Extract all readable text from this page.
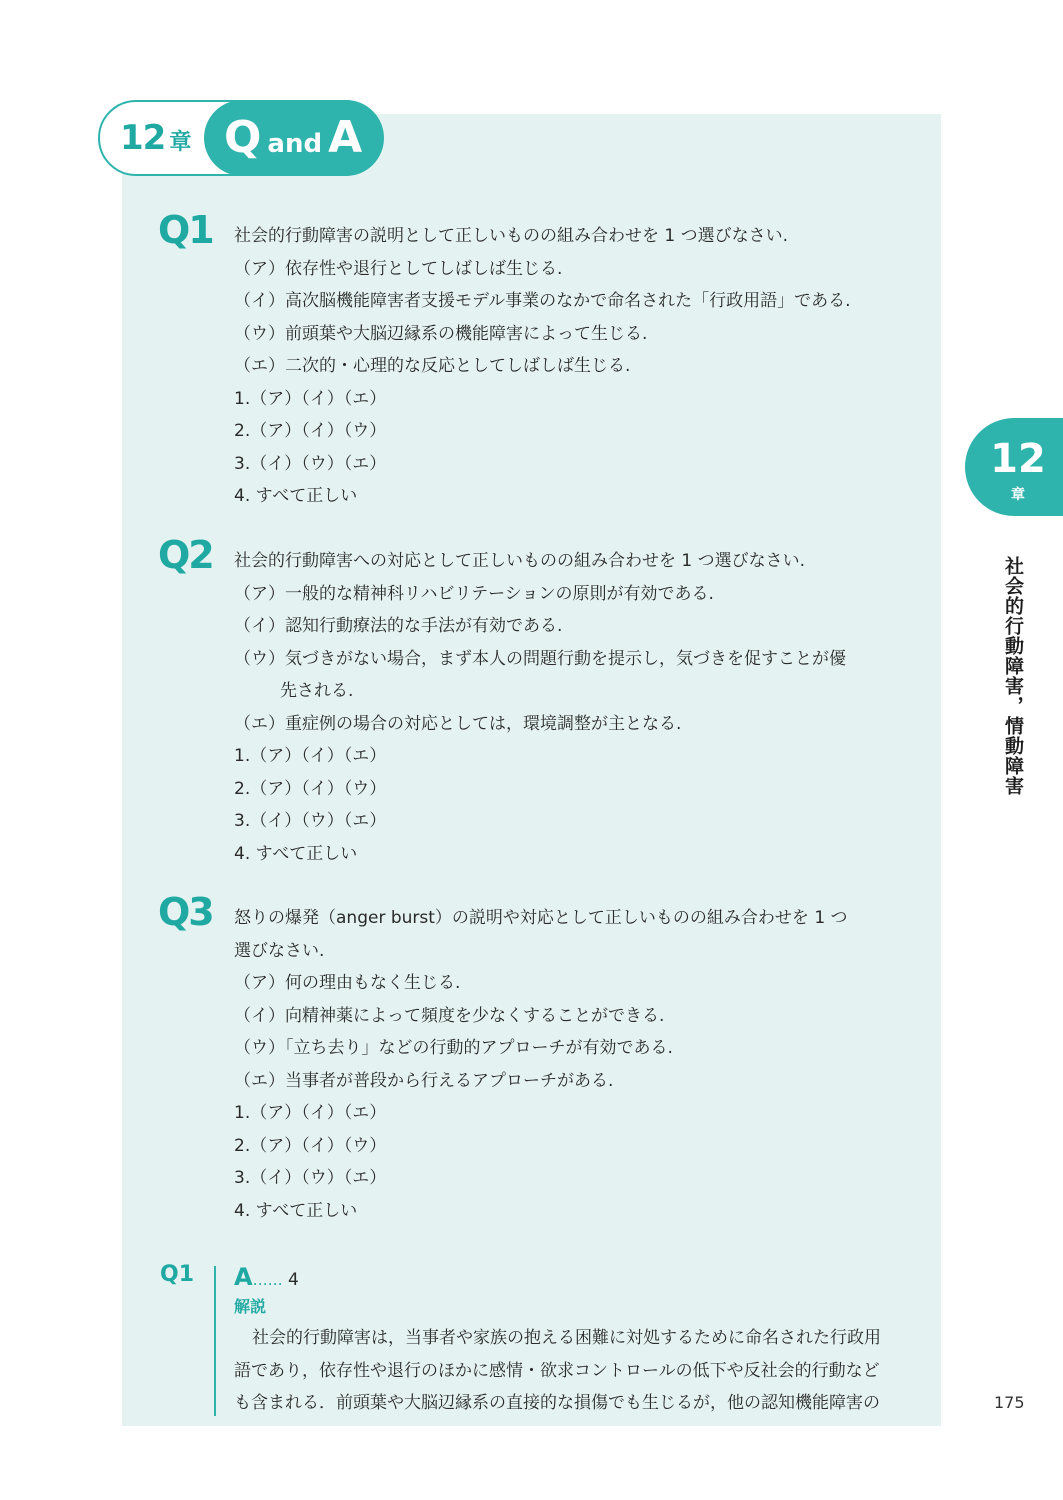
12 章 Qand A
Q1 社会的行動障害の説明として正しいものの組み合わせを 1 つ選びなさい.
（ア）依存性や退行としてしばしば生じる.
（イ）高次脳機能障害者支援モデル事業のなかで命名された「行政用語」である.
（ウ）前頭葉や大脳辺縁系の機能障害によって生じる.
（エ）二次的・心理的な反応としてしばしば生じる.
1.（ア）（イ）（エ）
2.（ア）（イ）（ウ）
3.（イ）（ウ）（エ）
4. すべて正しい
Q2 社会的行動障害への対応として正しいものの組み合わせを 1 つ選びなさい.
（ア）一般的な精神科リハビリテーションの原則が有効である.
（イ）認知行動療法的な手法が有効である.
（ウ）気づきがない場合，まず本人の問題行動を提示し，気づきを促すことが優
先される.
（エ）重症例の場合の対応としては，環境調整が主となる.
1.（ア）（イ）（エ）
2.（ア）（イ）（ウ）
3.（イ）（ウ）（エ）
4. すべて正しい
Q3 怒りの爆発（anger burst）の説明や対応として正しいものの組み合わせを 1 つ
選びなさい.
（ア）何の理由もなく生じる.
（イ）向精神薬によって頻度を少なくすることができる.
（ウ）「立ち去り」などの行動的アプローチが有効である.
（エ）当事者が普段から行えるアプローチがある.
1.（ア）（イ）（エ）
2.（ア）（イ）（ウ）
3.（イ）（ウ）（エ）
4. すべて正しい
Q1 A…… 4
解説
社会的行動障害は，当事者や家族の抱える困難に対処するために命名された行政用
語であり，依存性や退行のほかに感情・欲求コントロールの低下や反社会的行動など
も含まれる．前頭葉や大脳辺縁系の直接的な損傷でも生じるが，他の認知機能障害の
12
章
社会的行動障害，情動障害
175
